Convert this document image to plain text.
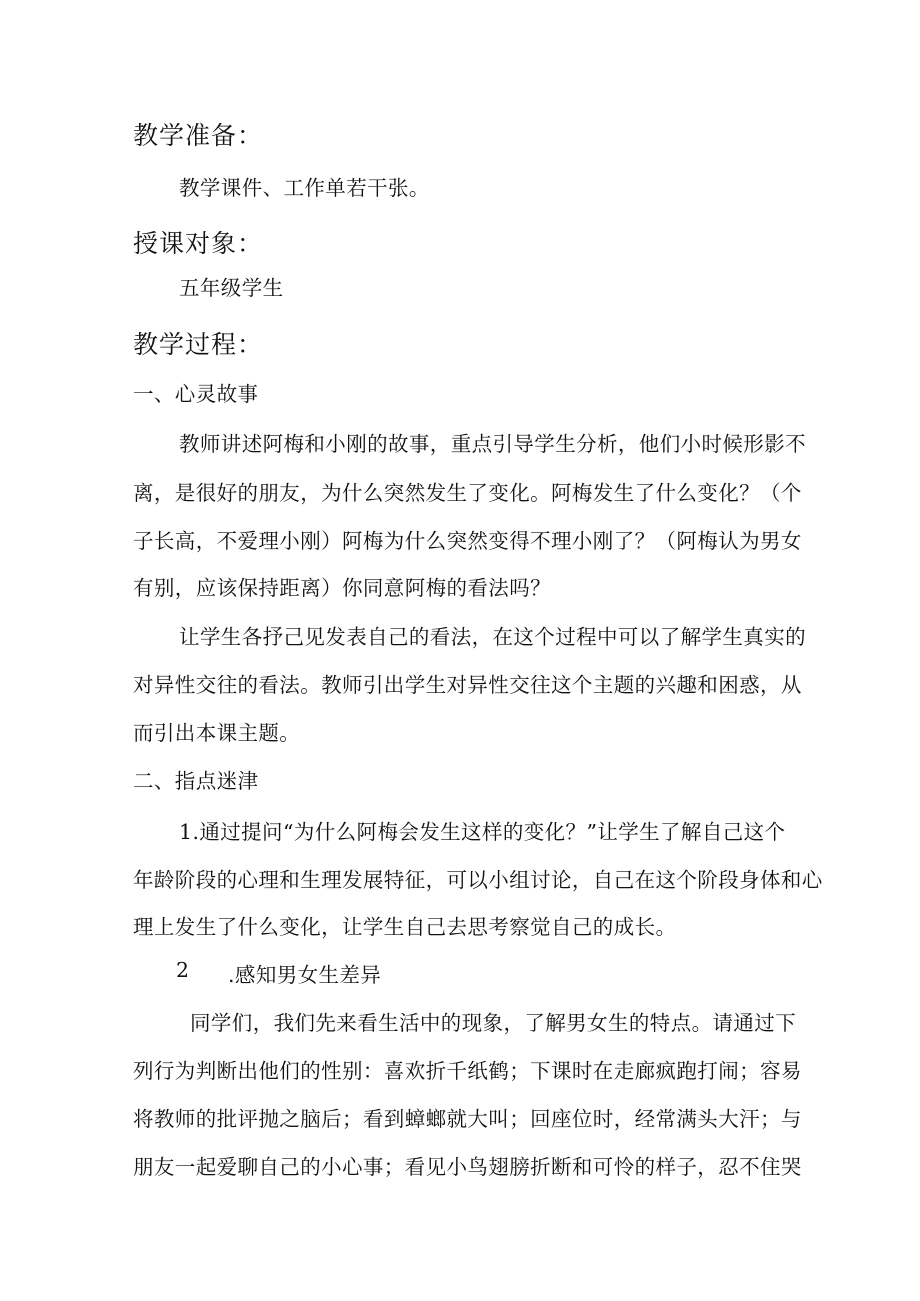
教学准备：
教学课件、工作单若干张。
授课对象：
五年级学生
教学过程：
一、心灵故事
教师讲述阿梅和小刚的故事，重点引导学生分析，他们小时候形影不
离，是很好的朋友，为什么突然发生了变化。阿梅发生了什么变化？（个
子长高，不爱理小刚）阿梅为什么突然变得不理小刚了？（阿梅认为男女
有别，应该保持距离）你同意阿梅的看法吗？
让学生各抒己见发表自己的看法，在这个过程中可以了解学生真实的
对异性交往的看法。教师引出学生对异性交往这个主题的兴趣和困惑，从
而引出本课主题。
二、指点迷津
1.通过提问“为什么阿梅会发生这样的变化？”让学生了解自己这个
年龄阶段的心理和生理发展特征，可以小组讨论，自己在这个阶段身体和心
理上发生了什么变化，让学生自己去思考察觉自己的成长。
2 .感知男女生差异
同学们，我们先来看生活中的现象，了解男女生的特点。请通过下
列行为判断出他们的性别：喜欢折千纸鹤；下课时在走廊疯跑打闹；容易
将教师的批评抛之脑后；看到蟑螂就大叫；回座位时，经常满头大汗；与
朋友一起爱聊自己的小心事；看见小鸟翅膀折断和可怜的样子，忍不住哭
